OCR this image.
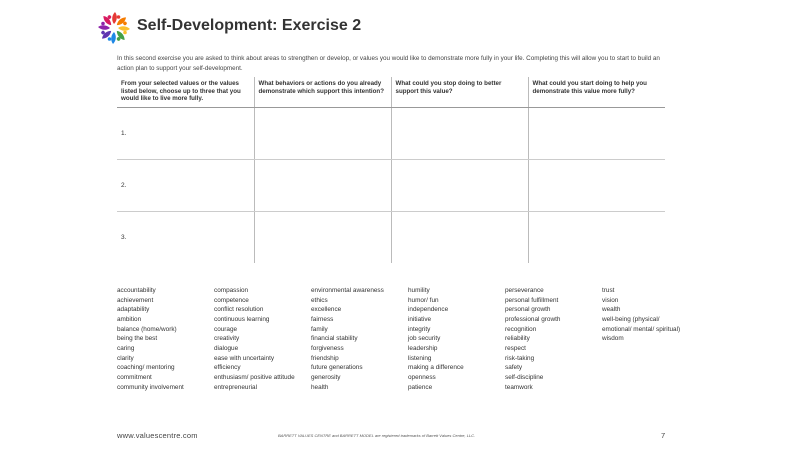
Self-Development: Exercise 2
In this second exercise you are asked to think about areas to strengthen or develop, or values you would like to demonstrate more fully in your life. Completing this will allow you to start to build an action plan to support your self-development.
From your selected values or the values listed below, choose up to three that you would like to live more fully.	What behaviors or actions do you already demonstrate which support this intention?	What could you stop doing to better support this value?	What could you start doing to help you demonstrate this value more fully?
1.			
2.			
3.			
accountability
achievement
adaptability
ambition
balance (home/work)
being the best
caring
clarity
coaching/ mentoring
commitment
community involvement
compassion
competence
conflict resolution
continuous learning
courage
creativity
dialogue
ease with uncertainty
efficiency
enthusiasm/ positive attitude
entrepreneurial
environmental awareness
ethics
excellence
fairness
family
financial stability
forgiveness
friendship
future generations
generosity
health
humility
humor/ fun
independence
initiative
integrity
job security
leadership
listening
making a difference
openness
patience
perseverance
personal fulfillment
personal growth
professional growth
recognition
reliability
respect
risk-taking
safety
self-discipline
teamwork
trust
vision
wealth
well-being (physical/
emotional/ mental/ spiritual)
wisdom
www.valuescentre.com	BARRETT VALUES CENTRE and BARRETT MODEL are registered trademarks of Barrett Values Centre, LLC.	7
